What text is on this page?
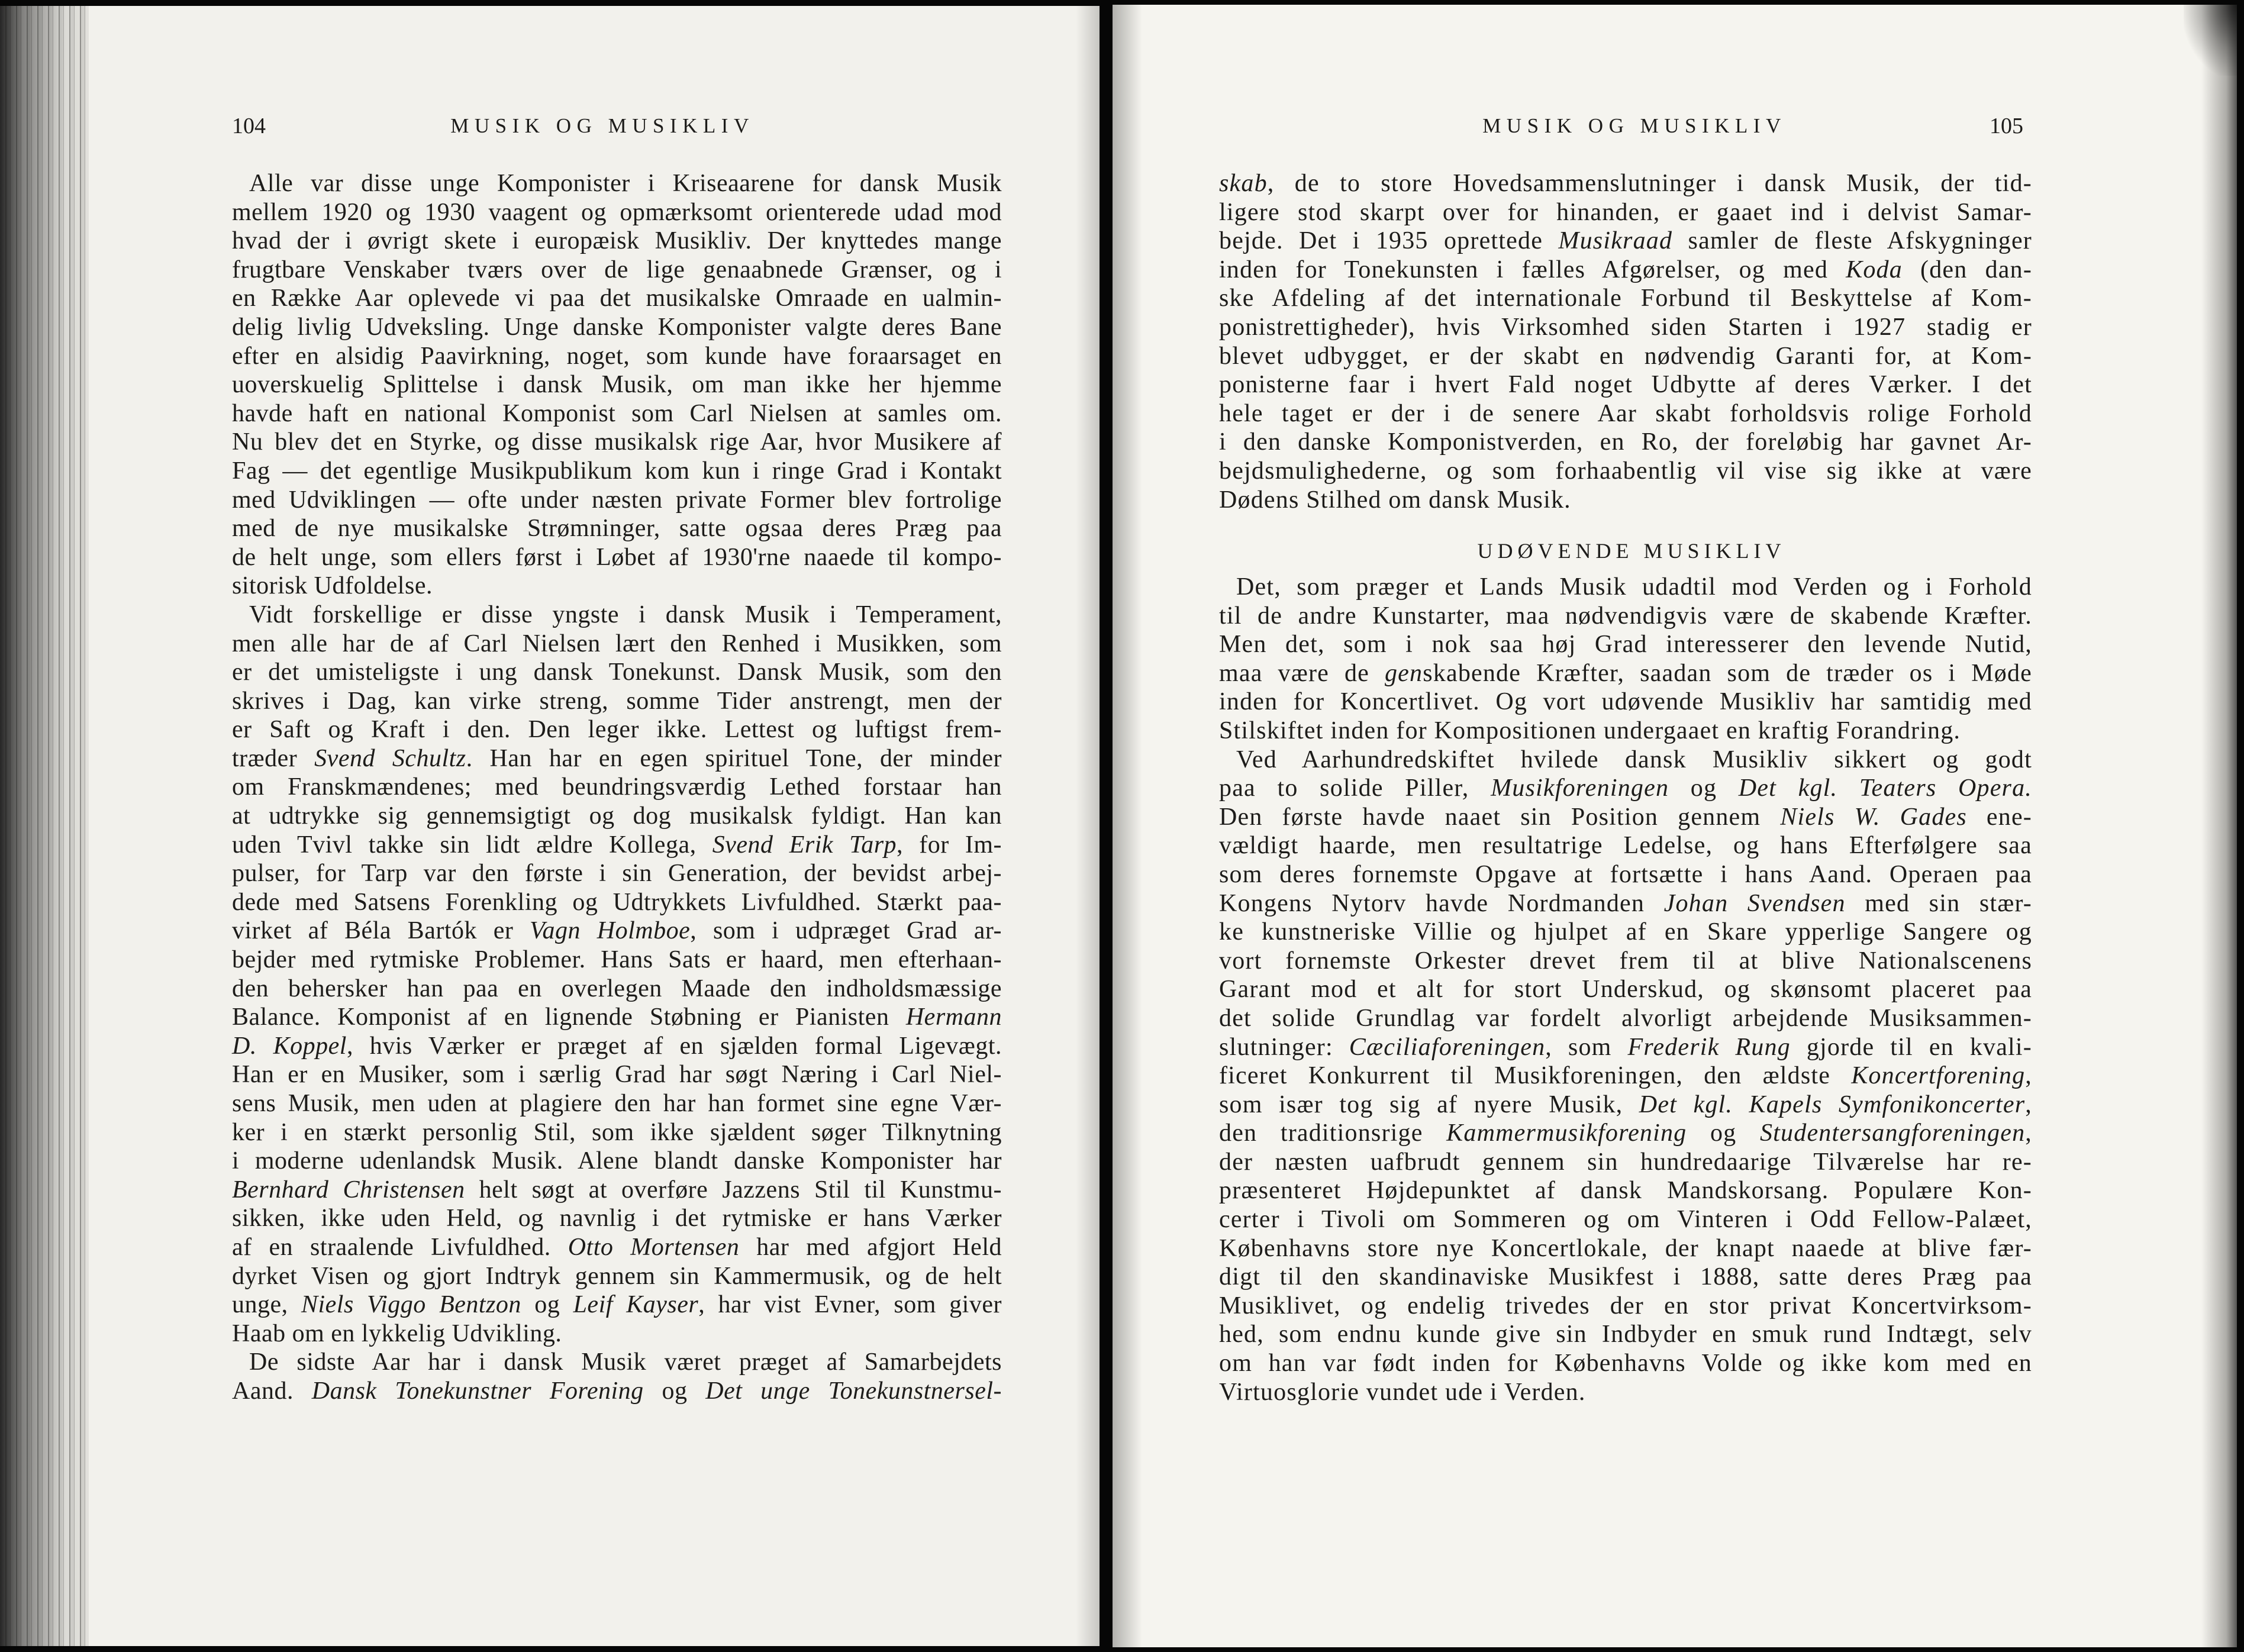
104	MUSIK OG MUSIKLIV
Alle var disse unge Komponister i Kriseaarene for dansk Musik
mellem 1920 og 1930 vaagent og opmærksomt orienterede udad mod
hvad der i øvrigt skete i europæisk Musikliv. Der knyttedes mange
frugtbare Venskaber tværs over de lige genaabnede Grænser, og i
en Række Aar oplevede vi paa det musikalske Omraade en ualmin-
delig livlig Udveksling. Unge danske Komponister valgte deres Bane
efter en alsidig Paavirkning, noget, som kunde have foraarsaget en
uoverskuelig Splittelse i dansk Musik, om man ikke her hjemme
havde haft en national Komponist som Carl Nielsen at samles om.
Nu blev det en Styrke, og disse musikalsk rige Aar, hvor Musikere af
Fag — det egentlige Musikpublikum kom kun i ringe Grad i Kontakt
med Udviklingen — ofte under næsten private Former blev fortrolige
med de nye musikalske Strømninger, satte ogsaa deres Præg paa
de helt unge, som ellers først i Løbet af 1930'rne naaede til kompo-
sitorisk Udfoldelse.
Vidt forskellige er disse yngste i dansk Musik i Temperament,
men alle har de af Carl Nielsen lært den Renhed i Musikken, som
er det umisteligste i ung dansk Tonekunst. Dansk Musik, som den
skrives i Dag, kan virke streng, somme Tider anstrengt, men der
er Saft og Kraft i den. Den leger ikke. Lettest og luftigst frem-
træder Svend Schultz. Han har en egen spirituel Tone, der minder
om Franskmændenes; med beundringsværdig Lethed forstaar han
at udtrykke sig gennemsigtigt og dog musikalsk fyldigt. Han kan
uden Tvivl takke sin lidt ældre Kollega, Svend Erik Tarp, for Im-
pulser, for Tarp var den første i sin Generation, der bevidst arbej-
dede med Satsens Forenkling og Udtrykkets Livfuldhed. Stærkt paa-
virket af Béla Bartók er Vagn Holmboe, som i udpræget Grad ar-
bejder med rytmiske Problemer. Hans Sats er haard, men efterhaan-
den behersker han paa en overlegen Maade den indholdsmæssige
Balance. Komponist af en lignende Støbning er Pianisten Hermann
D. Koppel, hvis Værker er præget af en sjælden formal Ligevægt.
Han er en Musiker, som i særlig Grad har søgt Næring i Carl Niel-
sens Musik, men uden at plagiere den har han formet sine egne Vær-
ker i en stærkt personlig Stil, som ikke sjældent søger Tilknytning
i moderne udenlandsk Musik. Alene blandt danske Komponister har
Bernhard Christensen helt søgt at overføre Jazzens Stil til Kunstmu-
sikken, ikke uden Held, og navnlig i det rytmiske er hans Værker
af en straalende Livfuldhed. Otto Mortensen har med afgjort Held
dyrket Visen og gjort Indtryk gennem sin Kammermusik, og de helt
unge, Niels Viggo Bentzon og Leif Kayser, har vist Evner, som giver
Haab om en lykkelig Udvikling.
De sidste Aar har i dansk Musik været præget af Samarbejdets
Aand. Dansk Tonekunstner Forening og Det unge Tonekunstnersel-
MUSIK OG MUSIKLIV	105
skab, de to store Hovedsammenslutninger i dansk Musik, der tid-
ligere stod skarpt over for hinanden, er gaaet ind i delvist Samar-
bejde. Det i 1935 oprettede Musikraad samler de fleste Afskygninger
inden for Tonekunsten i fælles Afgørelser, og med Koda (den dan-
ske Afdeling af det internationale Forbund til Beskyttelse af Kom-
ponistrettigheder), hvis Virksomhed siden Starten i 1927 stadig er
blevet udbygget, er der skabt en nødvendig Garanti for, at Kom-
ponisterne faar i hvert Fald noget Udbytte af deres Værker. I det
hele taget er der i de senere Aar skabt forholdsvis rolige Forhold
i den danske Komponistverden, en Ro, der foreløbig har gavnet Ar-
bejdsmulighederne, og som forhaabentlig vil vise sig ikke at være
Dødens Stilhed om dansk Musik.
UDØVENDE MUSIKLIV
Det, som præger et Lands Musik udadtil mod Verden og i Forhold
til de andre Kunstarter, maa nødvendigvis være de skabende Kræfter.
Men det, som i nok saa høj Grad interesserer den levende Nutid,
maa være de genskabende Kræfter, saadan som de træder os i Møde
inden for Koncertlivet. Og vort udøvende Musikliv har samtidig med
Stilskiftet inden for Kompositionen undergaaet en kraftig Forandring.
Ved Aarhundredskiftet hvilede dansk Musikliv sikkert og godt
paa to solide Piller, Musikforeningen og Det kgl. Teaters Opera.
Den første havde naaet sin Position gennem Niels W. Gades ene-
vældigt haarde, men resultatrige Ledelse, og hans Efterfølgere saa
som deres fornemste Opgave at fortsætte i hans Aand. Operaen paa
Kongens Nytorv havde Nordmanden Johan Svendsen med sin stær-
ke kunstneriske Villie og hjulpet af en Skare ypperlige Sangere og
vort fornemste Orkester drevet frem til at blive Nationalscenens
Garant mod et alt for stort Underskud, og skønsomt placeret paa
det solide Grundlag var fordelt alvorligt arbejdende Musiksammen-
slutninger: Cæciliaforeningen, som Frederik Rung gjorde til en kvali-
ficeret Konkurrent til Musikforeningen, den ældste Koncertforening,
som især tog sig af nyere Musik, Det kgl. Kapels Symfonikoncerter,
den traditionsrige Kammermusikforening og Studentersangforeningen,
der næsten uafbrudt gennem sin hundredaarige Tilværelse har re-
præsenteret Højdepunktet af dansk Mandskorsang. Populære Kon-
certer i Tivoli om Sommeren og om Vinteren i Odd Fellow-Palæet,
Københavns store nye Koncertlokale, der knapt naaede at blive fær-
digt til den skandinaviske Musikfest i 1888, satte deres Præg paa
Musiklivet, og endelig trivedes der en stor privat Koncertvirksom-
hed, som endnu kunde give sin Indbyder en smuk rund Indtægt, selv
om han var født inden for Københavns Volde og ikke kom med en
Virtuosglorie vundet ude i Verden.
